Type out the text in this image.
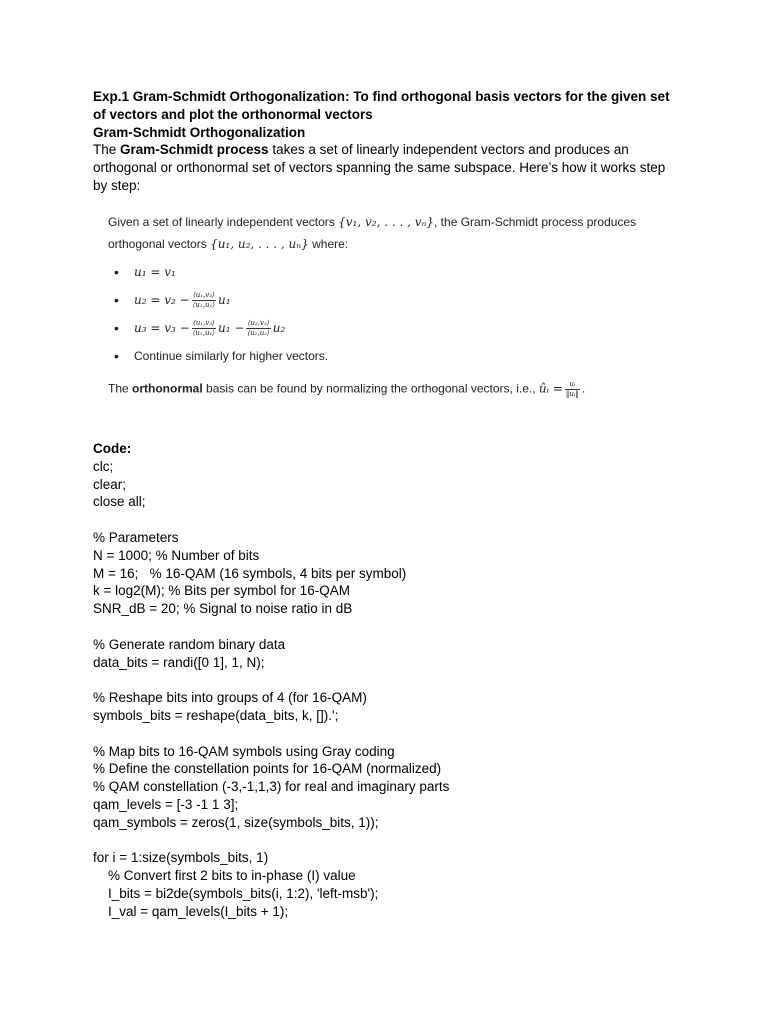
Exp.1 Gram-Schmidt Orthogonalization: To find orthogonal basis vectors for the given set

of vectors and plot the orthonormal vectors

Gram-Schmidt Orthogonalization

The Gram-Schmidt process takes a set of linearly independent vectors and produces an orthogonal or orthonormal set of vectors spanning the same subspace. Here’s how it works step by step:

Given a set of linearly independent vectors {v₁, v₂, . . . , vₙ}, the Gram-Schmidt process produces

orthogonal vectors {u₁, u₂, . . . , uₙ} where:

• u₁ = v₁
• $u_2 = v_2 - \frac{\text{⟨u₁,v₂⟩}}{\text{⟨u₁,u₁⟩}} u_1$
• $u_3 = v_3 - \frac{\text{⟨u₁,v₃⟩}}{\text{⟨u₁,u₁⟩}} u_1 - \frac{\text{⟨u₂,v₃⟩}}{\text{⟨u₂,u₂⟩}} u_2$
• Continue similarly for higher vectors.

The orthonormal basis can be found by normalizing the orthogonal vectors, i.e., ûᵢ = $\frac{\text{uᵢ}}{\text{‖uᵢ‖}}$ .

Code:

clc;

clear;

close all;

% Parameters

N = 1000; % Number of bits

M = 16;   % 16-QAM (16 symbols, 4 bits per symbol)

k = log2(M); % Bits per symbol for 16-QAM

SNR_dB = 20; % Signal to noise ratio in dB

% Generate random binary data

data_bits = randi([0 1], 1, N);

% Reshape bits into groups of 4 (for 16-QAM)

symbols_bits = reshape(data_bits, k, []).';

% Map bits to 16-QAM symbols using Gray coding

% Define the constellation points for 16-QAM (normalized)

% QAM constellation (-3,-1,1,3) for real and imaginary parts

qam_levels = [-3 -1 1 3];

qam_symbols = zeros(1, size(symbols_bits, 1));

for i = 1:size(symbols_bits, 1)

% Convert first 2 bits to in-phase (I) value

I_bits = bi2de(symbols_bits(i, 1:2), 'left-msb');

I_val = qam_levels(I_bits + 1);
